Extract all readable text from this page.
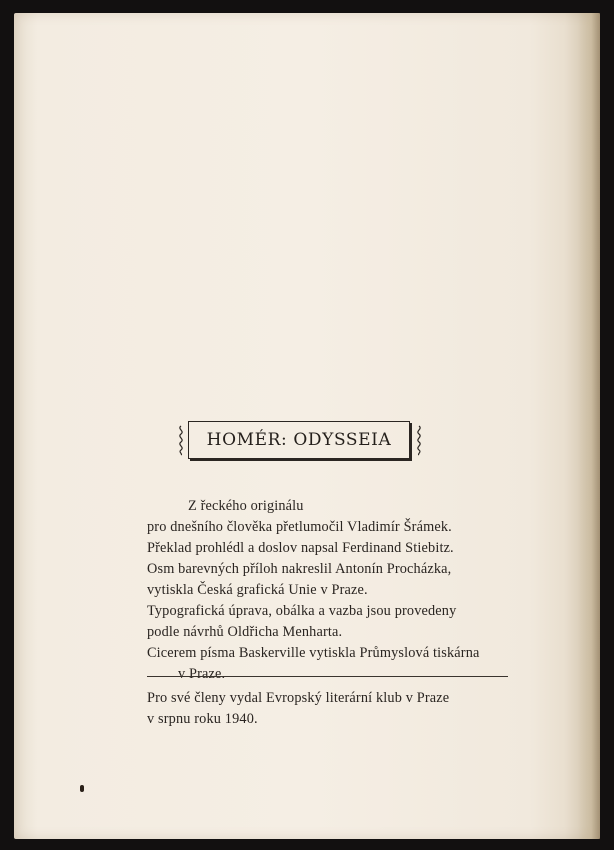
HOMÉR: ODYSSEIA
Z řeckého originálu
pro dnešního člověka přetlumočil Vladimír Šrámek.
Překlad prohlédl a doslov napsal Ferdinand Stiebitz.
Osm barevných příloh nakreslil Antonín Procházka,
vytiskla Česká grafická Unie v Praze.
Typografická úprava, obálka a vazba jsou provedeny
podle návrhů Oldřicha Menharta.
Cicerem písma Baskerville vytiskla Průmyslová tiskárna
v Praze.
Pro své členy vydal Evropský literární klub v Praze
v srpnu roku 1940.
